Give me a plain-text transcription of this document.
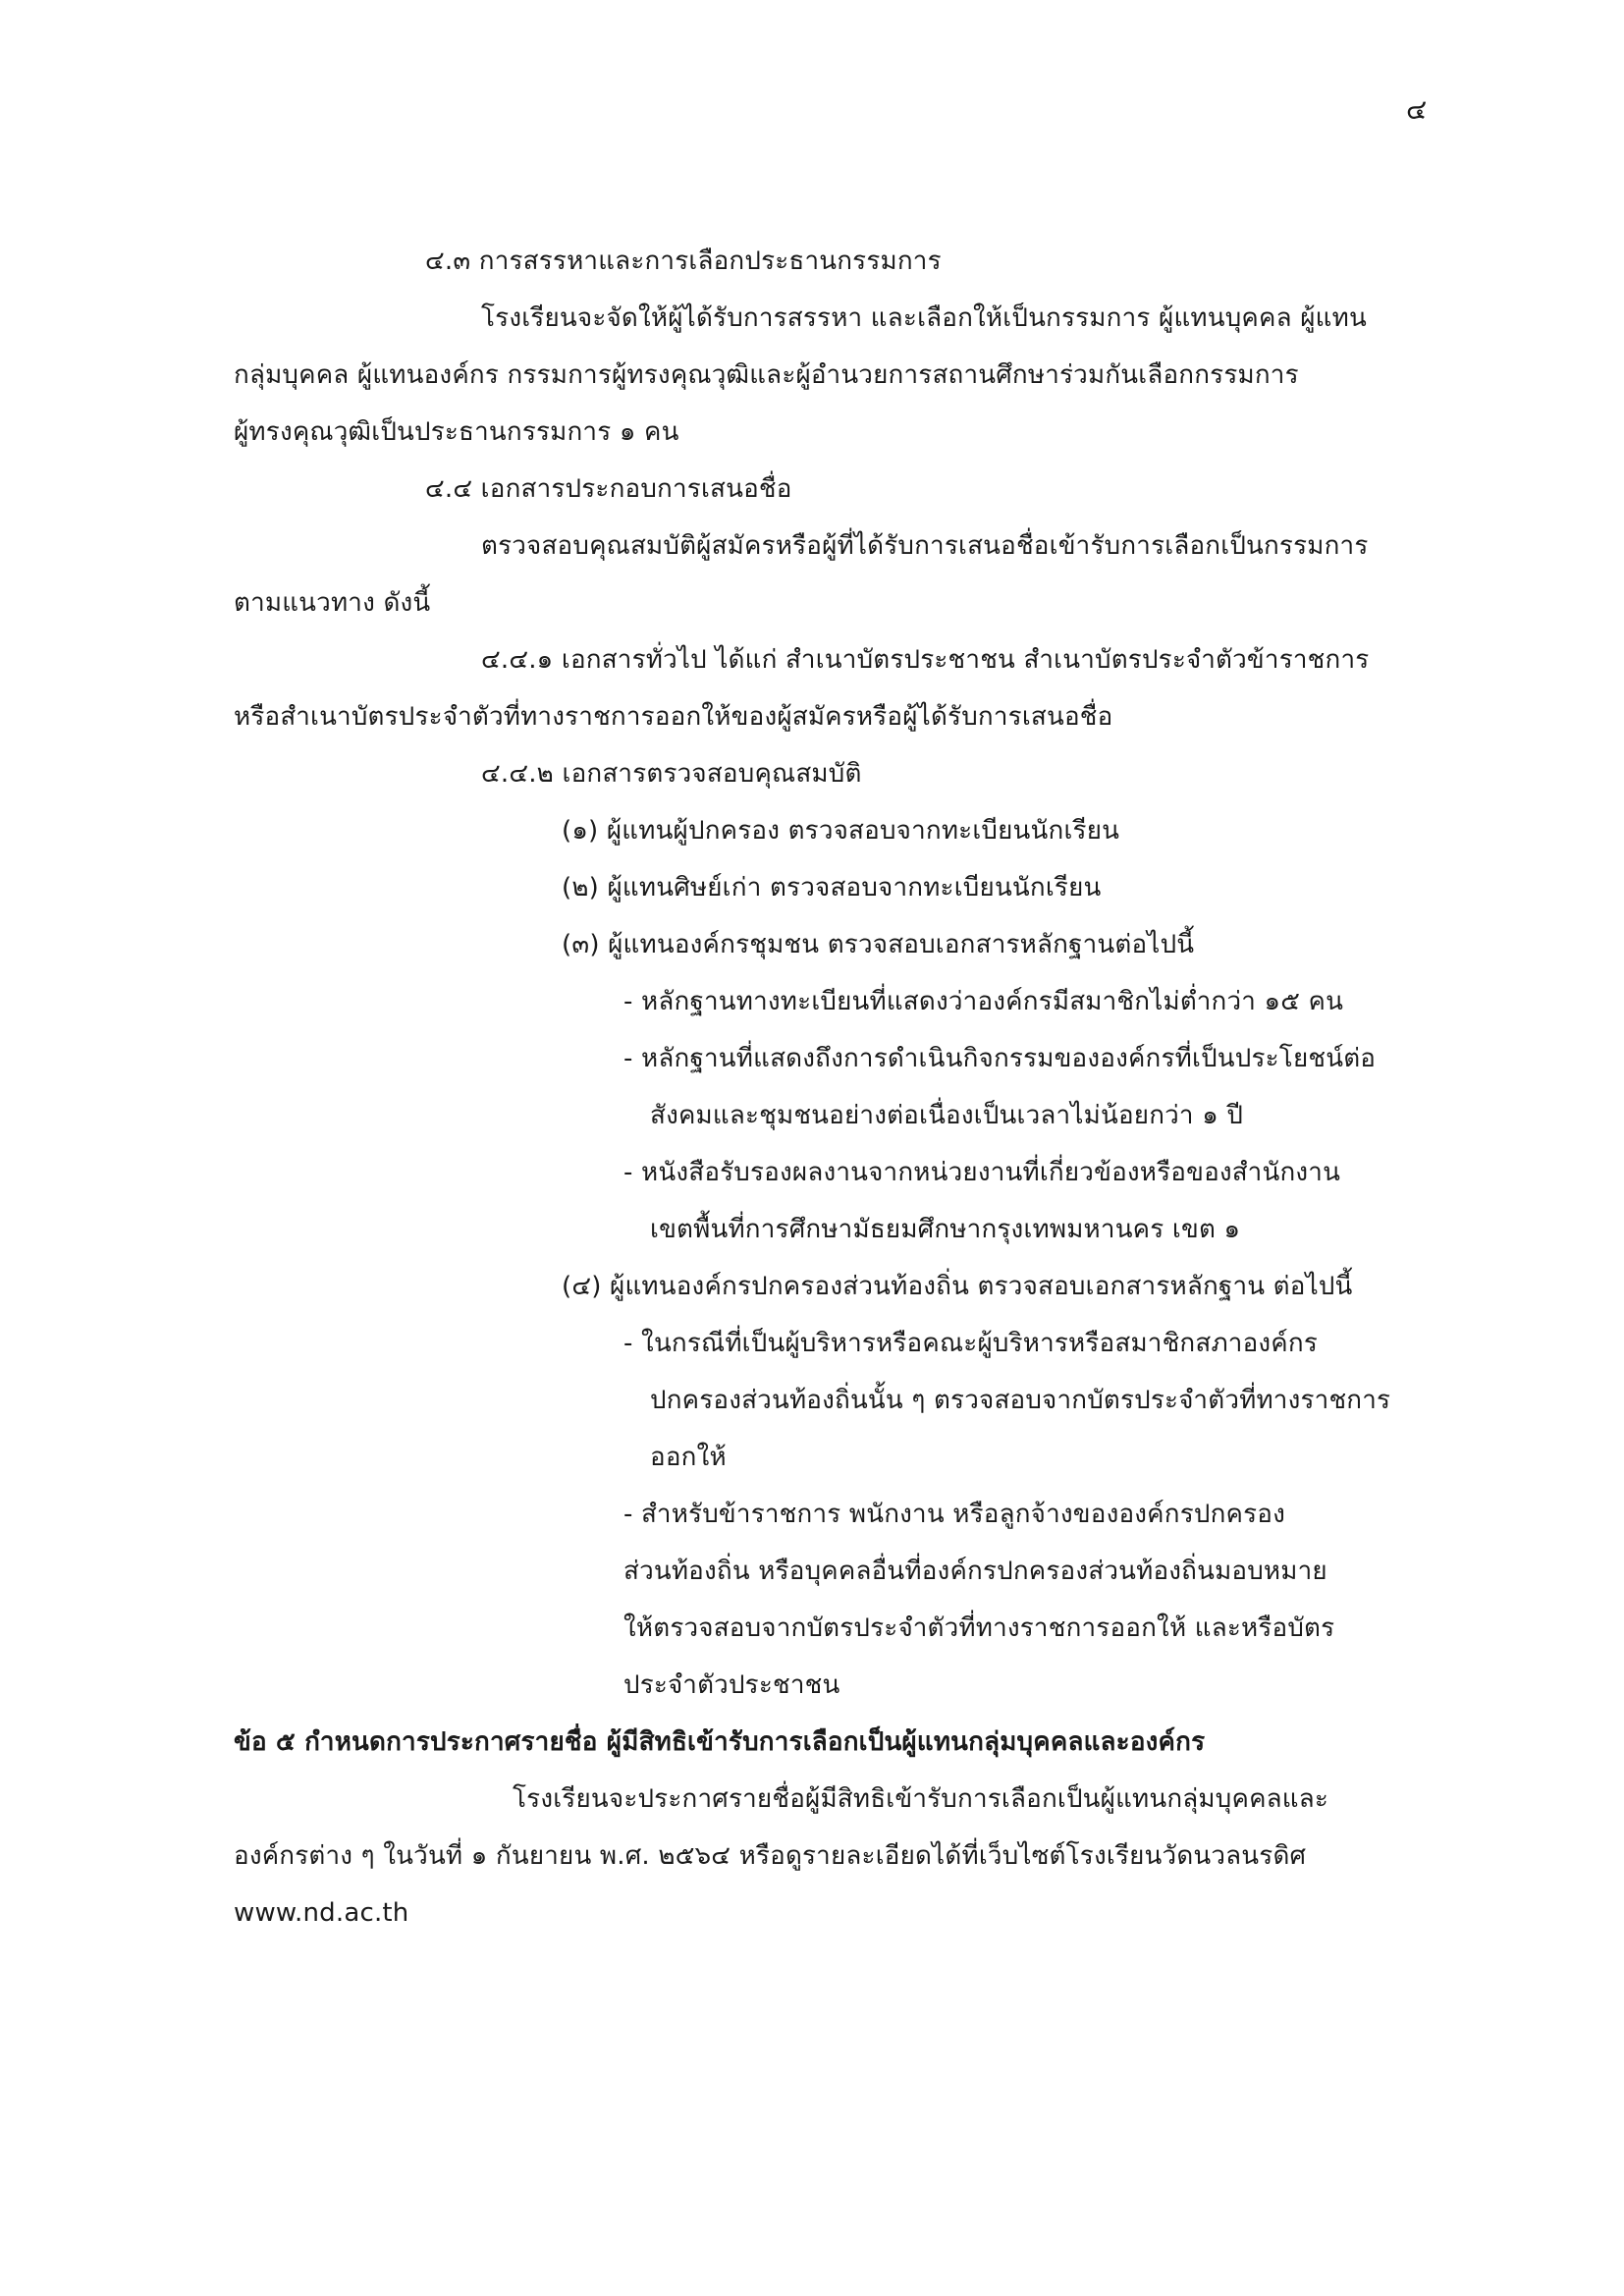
๔
๔.๓ การสรรหาและการเลือกประธานกรรมการ
โรงเรียนจะจัดให้ผู้ได้รับการสรรหา และเลือกให้เป็นกรรมการ ผู้แทนบุคคล ผู้แทน
กลุ่มบุคคล ผู้แทนองค์กร กรรมการผู้ทรงคุณวุฒิและผู้อำนวยการสถานศึกษาร่วมกันเลือกกรรมการ
ผู้ทรงคุณวุฒิเป็นประธานกรรมการ ๑ คน
๔.๔ เอกสารประกอบการเสนอชื่อ
ตรวจสอบคุณสมบัติผู้สมัครหรือผู้ที่ได้รับการเสนอชื่อเข้ารับการเลือกเป็นกรรมการ
ตามแนวทาง ดังนี้
๔.๔.๑ เอกสารทั่วไป ได้แก่ สำเนาบัตรประชาชน สำเนาบัตรประจำตัวข้าราชการ
หรือสำเนาบัตรประจำตัวที่ทางราชการออกให้ของผู้สมัครหรือผู้ได้รับการเสนอชื่อ
๔.๔.๒ เอกสารตรวจสอบคุณสมบัติ
(๑) ผู้แทนผู้ปกครอง ตรวจสอบจากทะเบียนนักเรียน
(๒) ผู้แทนศิษย์เก่า ตรวจสอบจากทะเบียนนักเรียน
(๓) ผู้แทนองค์กรชุมชน ตรวจสอบเอกสารหลักฐานต่อไปนี้
- หลักฐานทางทะเบียนที่แสดงว่าองค์กรมีสมาชิกไม่ต่ำกว่า ๑๕ คน
- หลักฐานที่แสดงถึงการดำเนินกิจกรรมขององค์กรที่เป็นประโยชน์ต่อ
สังคมและชุมชนอย่างต่อเนื่องเป็นเวลาไม่น้อยกว่า ๑ ปี
- หนังสือรับรองผลงานจากหน่วยงานที่เกี่ยวข้องหรือของสำนักงาน
เขตพื้นที่การศึกษามัธยมศึกษากรุงเทพมหานคร เขต ๑
(๔) ผู้แทนองค์กรปกครองส่วนท้องถิ่น ตรวจสอบเอกสารหลักฐาน ต่อไปนี้
- ในกรณีที่เป็นผู้บริหารหรือคณะผู้บริหารหรือสมาชิกสภาองค์กร
ปกครองส่วนท้องถิ่นนั้น ๆ ตรวจสอบจากบัตรประจำตัวที่ทางราชการ
ออกให้
- สำหรับข้าราชการ พนักงาน หรือลูกจ้างขององค์กรปกครอง
ส่วนท้องถิ่น หรือบุคคลอื่นที่องค์กรปกครองส่วนท้องถิ่นมอบหมาย
ให้ตรวจสอบจากบัตรประจำตัวที่ทางราชการออกให้ และหรือบัตร
ประจำตัวประชาชน
ข้อ ๕ กำหนดการประกาศรายชื่อ ผู้มีสิทธิเข้ารับการเลือกเป็นผู้แทนกลุ่มบุคคลและองค์กร
โรงเรียนจะประกาศรายชื่อผู้มีสิทธิเข้ารับการเลือกเป็นผู้แทนกลุ่มบุคคลและ
องค์กรต่าง ๆ ในวันที่ ๑ กันยายน พ.ศ. ๒๕๖๔ หรือดูรายละเอียดได้ที่เว็บไซต์โรงเรียนวัดนวลนรดิศ
www.nd.ac.th
